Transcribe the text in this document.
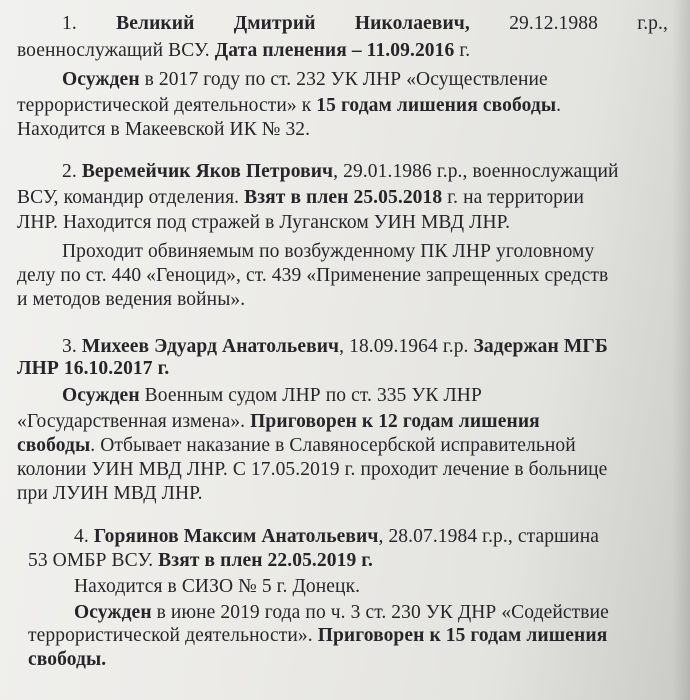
1. Великий Дмитрий Николаевич, 29.12.1988 г.р.,
военнослужащий ВСУ. Дата пленения – 11.09.2016 г.
Осужден в 2017 году по ст. 232 УК ЛНР «Осуществление
террористической деятельности» к 15 годам лишения свободы.
Находится в Макеевской ИК № 32.
2. Веремейчик Яков Петрович, 29.01.1986 г.р., военнослужащий
ВСУ, командир отделения. Взят в плен 25.05.2018 г. на территории
ЛНР. Находится под стражей в Луганском УИН МВД ЛНР.
Проходит обвиняемым по возбужденному ПК ЛНР уголовному
делу по ст. 440 «Геноцид», ст. 439 «Применение запрещенных средств
и методов ведения войны».
3. Михеев Эдуард Анатольевич, 18.09.1964 г.р. Задержан МГБ
ЛНР 16.10.2017 г.
Осужден Военным судом ЛНР по ст. 335 УК ЛНР
«Государственная измена». Приговорен к 12 годам лишения
свободы. Отбывает наказание в Славяносербской исправительной
колонии УИН МВД ЛНР. С 17.05.2019 г. проходит лечение в больнице
при ЛУИН МВД ЛНР.
4. Горяинов Максим Анатольевич, 28.07.1984 г.р., старшина
53 ОМБР ВСУ. Взят в плен 22.05.2019 г.
Находится в СИЗО № 5 г. Донецк.
Осужден в июне 2019 года по ч. 3 ст. 230 УК ДНР «Содействие
террористической деятельности». Приговорен к 15 годам лишения
свободы.
